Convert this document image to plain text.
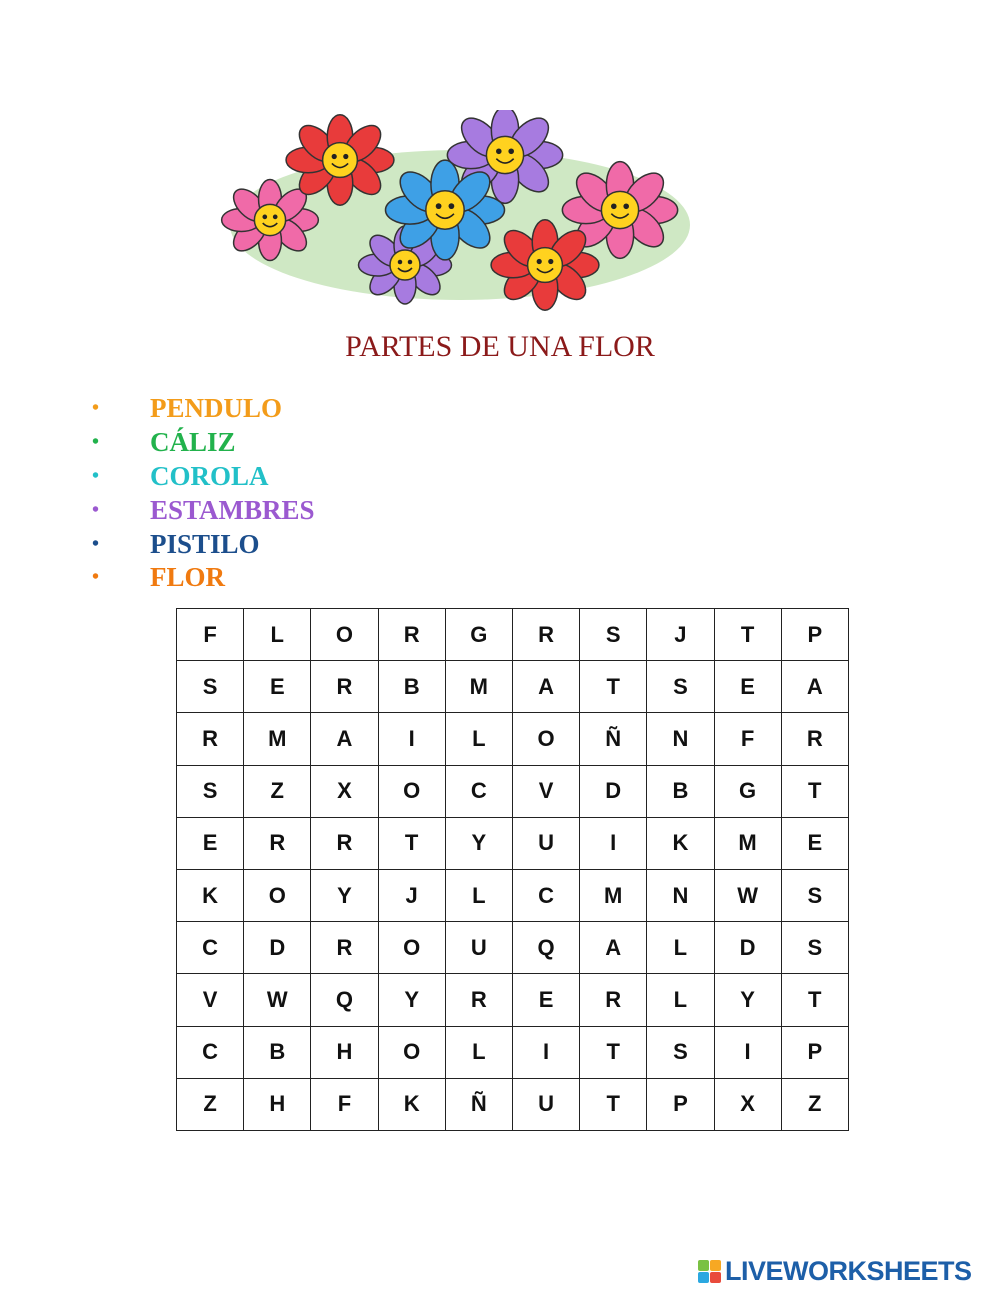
PARTES DE UNA FLOR
•	PENDULO
•	CÁLIZ
•	COROLA
•	ESTAMBRES
•	PISTILO
•	FLOR
F	L	O	R	G	R	S	J	T	P
S	E	R	B	M	A	T	S	E	A
R	M	A	I	L	O	Ñ	N	F	R
S	Z	X	O	C	V	D	B	G	T
E	R	R	T	Y	U	I	K	M	E
K	O	Y	J	L	C	M	N	W	S
C	D	R	O	U	Q	A	L	D	S
V	W	Q	Y	R	E	R	L	Y	T
C	B	H	O	L	I	T	S	I	P
Z	H	F	K	Ñ	U	T	P	X	Z
LIVEWORKSHEETS
